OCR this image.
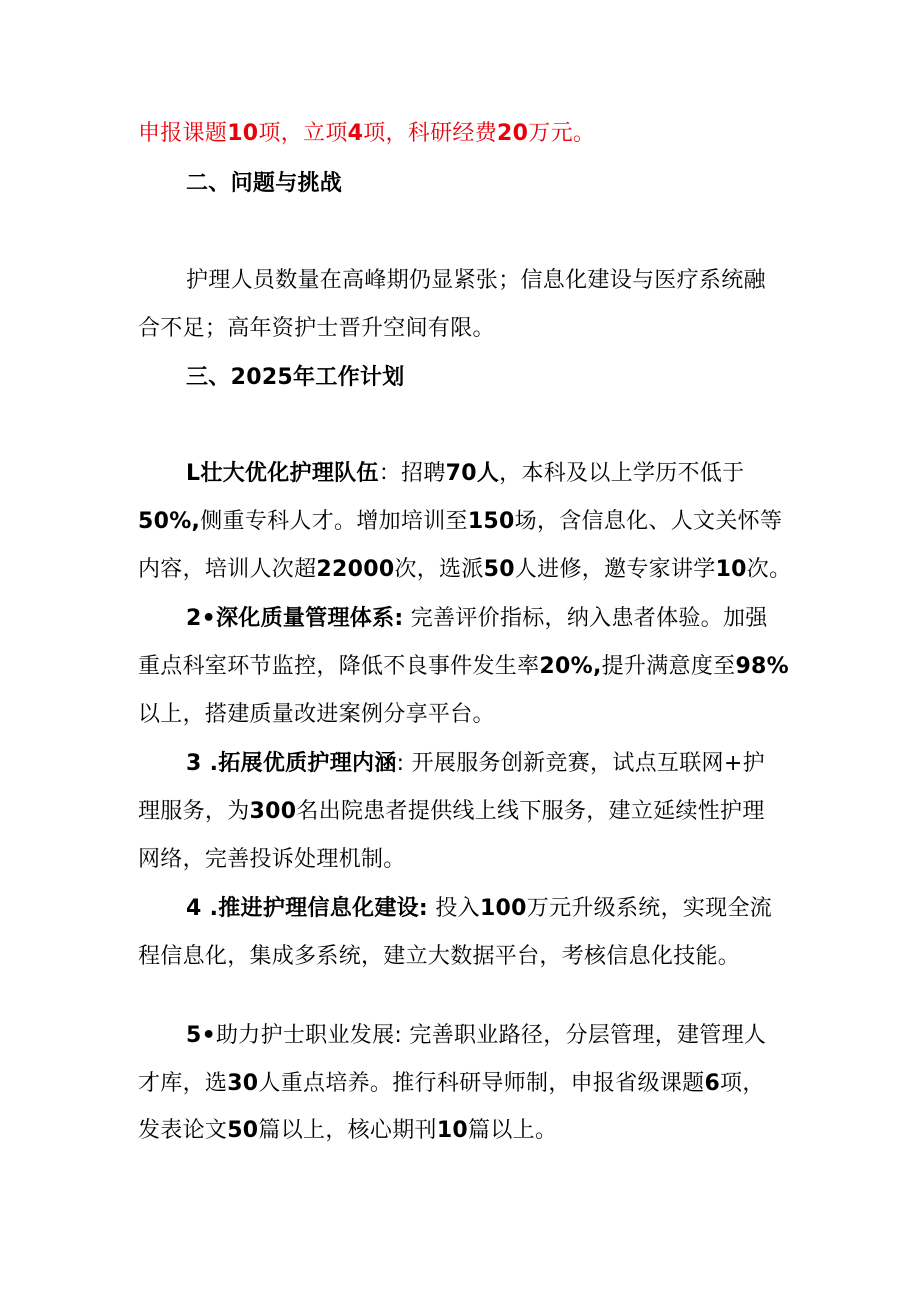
申报课题10项，立项4项，科研经费20万元。
二、问题与挑战
护理人员数量在高峰期仍显紧张；信息化建设与医疗系统融
合不足；高年资护士晋升空间有限。
三、2025年工作计划
L壮大优化护理队伍：招聘70人，本科及以上学历不低于
50%,侧重专科人才。增加培训至150场，含信息化、人文关怀等
内容，培训人次超22000次，选派50人进修，邀专家讲学10次。
2•深化质量管理体系: 完善评价指标，纳入患者体验。加强
重点科室环节监控，降低不良事件发生率20%,提升满意度至98%
以上，搭建质量改进案例分享平台。
3 .拓展优质护理内涵: 开展服务创新竞赛，试点互联网+护
理服务，为300名出院患者提供线上线下服务，建立延续性护理
网络，完善投诉处理机制。
4 .推进护理信息化建设: 投入100万元升级系统，实现全流
程信息化，集成多系统，建立大数据平台，考核信息化技能。
5•助力护士职业发展: 完善职业路径，分层管理，建管理人
才库，选30人重点培养。推行科研导师制，申报省级课题6项，
发表论文50篇以上，核心期刊10篇以上。
